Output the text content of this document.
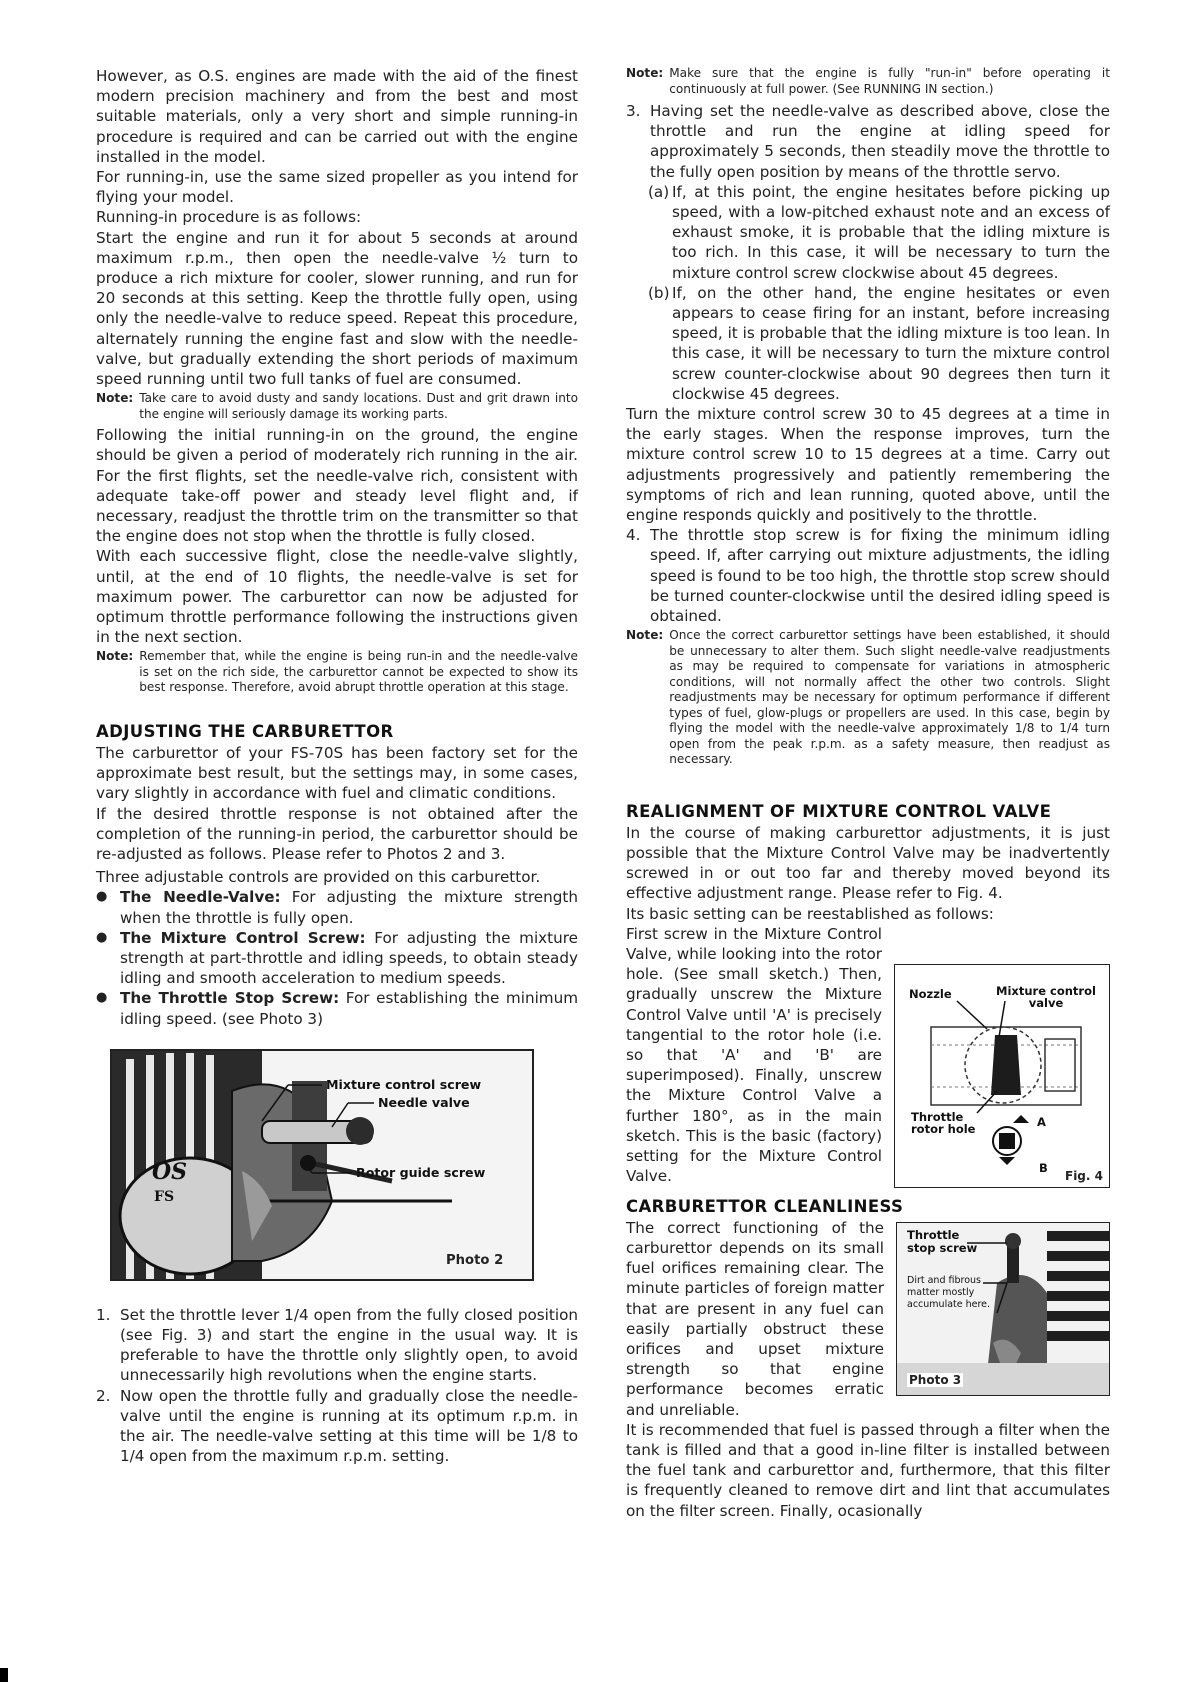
However, as O.S. engines are made with the aid of the finest modern precision machinery and from the best and most suitable materials, only a very short and simple running-in procedure is required and can be carried out with the engine installed in the model.

For running-in, use the same sized propeller as you intend for flying your model.

Running-in procedure is as follows:

Start the engine and run it for about 5 seconds at around maximum r.p.m., then open the needle-valve ½ turn to produce a rich mixture for cooler, slower running, and run for 20 seconds at this setting. Keep the throttle fully open, using only the needle-valve to reduce speed. Repeat this procedure, alternately running the engine fast and slow with the needle-valve, but gradually extending the short periods of maximum speed running until two full tanks of fuel are consumed.

Note: Take care to avoid dusty and sandy locations. Dust and grit drawn into the engine will seriously damage its working parts.

Following the initial running-in on the ground, the engine should be given a period of moderately rich running in the air. For the first flights, set the needle-valve rich, consistent with adequate take-off power and steady level flight and, if necessary, readjust the throttle trim on the transmitter so that the engine does not stop when the throttle is fully closed.

With each successive flight, close the needle-valve slightly, until, at the end of 10 flights, the needle-valve is set for maximum power. The carburettor can now be adjusted for optimum throttle performance following the instructions given in the next section.

Note: Remember that, while the engine is being run-in and the needle-valve is set on the rich side, the carburettor cannot be expected to show its best response. Therefore, avoid abrupt throttle operation at this stage.
ADJUSTING THE CARBURETTOR

The carburettor of your FS-70S has been factory set for the approximate best result, but the settings may, in some cases, vary slightly in accordance with fuel and climatic conditions.

If the desired throttle response is not obtained after the completion of the running-in period, the carburettor should be re-adjusted as follows. Please refer to Photos 2 and 3.

Three adjustable controls are provided on this carburettor.

● The Needle-Valve: For adjusting the mixture strength when the throttle is fully open.
● The Mixture Control Screw: For adjusting the mixture strength at part-throttle and idling speeds, to obtain steady idling and smooth acceleration to medium speeds.
● The Throttle Stop Screw: For establishing the minimum idling speed. (see Photo 3)
OS
FS
Mixture control screw
Needle valve
Rotor guide screw
Photo 2
1. Set the throttle lever 1/4 open from the fully closed position (see Fig. 3) and start the engine in the usual way. It is preferable to have the throttle only slightly open, to avoid unnecessarily high revolutions when the engine starts.
2. Now open the throttle fully and gradually close the needle-valve until the engine is running at its optimum r.p.m. in the air. The needle-valve setting at this time will be 1/8 to 1/4 open from the maximum r.p.m. setting.
Note: Make sure that the engine is fully "run-in" before operating it continuously at full power. (See RUNNING IN section.)
3. Having set the needle-valve as described above, close the throttle and run the engine at idling speed for approximately 5 seconds, then steadily move the throttle to the fully open position by means of the throttle servo.
(a) If, at this point, the engine hesitates before picking up speed, with a low-pitched exhaust note and an excess of exhaust smoke, it is probable that the idling mixture is too rich. In this case, it will be necessary to turn the mixture control screw clockwise about 45 degrees.
(b) If, on the other hand, the engine hesitates or even appears to cease firing for an instant, before increasing speed, it is probable that the idling mixture is too lean. In this case, it will be necessary to turn the mixture control screw counter-clockwise about 90 degrees then turn it clockwise 45 degrees.

Turn the mixture control screw 30 to 45 degrees at a time in the early stages. When the response improves, turn the mixture control screw 10 to 15 degrees at a time. Carry out adjustments progressively and patiently remembering the symptoms of rich and lean running, quoted above, until the engine responds quickly and positively to the throttle.

4. The throttle stop screw is for fixing the minimum idling speed. If, after carrying out mixture adjustments, the idling speed is found to be too high, the throttle stop screw should be turned counter-clockwise until the desired idling speed is obtained.
Note: Once the correct carburettor settings have been established, it should be unnecessary to alter them. Such slight needle-valve readjustments as may be required to compensate for variations in atmospheric conditions, will not normally affect the other two controls. Slight readjustments may be necessary for optimum performance if different types of fuel, glow-plugs or propellers are used. In this case, begin by flying the model with the needle-valve approximately 1/8 to 1/4 turn open from the peak r.p.m. as a safety measure, then readjust as necessary.
REALIGNMENT OF MIXTURE CONTROL VALVE

In the course of making carburettor adjustments, it is just possible that the Mixture Control Valve may be inadvertently screwed in or out too far and thereby moved beyond its effective adjustment range. Please refer to Fig. 4.

Its basic setting can be reestablished as follows:

Nozzle	Mixture control valve
Throttle rotor hole	A
B
Fig. 4

First screw in the Mixture Control Valve, while looking into the rotor hole. (See small sketch.) Then, gradually unscrew the Mixture Control Valve until 'A' is precisely tangential to the rotor hole (i.e. so that 'A' and 'B' are superimposed). Finally, unscrew the Mixture Control Valve a further 180°, as in the main sketch. This is the basic (factory) setting for the Mixture Control Valve.

CARBURETTOR CLEANLINESS
Throttle stop screw
Dirt and fibrous matter mostly accumulate here.
Photo 3

The correct functioning of the carburettor depends on its small fuel orifices remaining clear. The minute particles of foreign matter that are present in any fuel can easily partially obstruct these orifices and upset mixture strength so that engine performance becomes erratic and unreliable.

It is recommended that fuel is passed through a filter when the tank is filled and that a good in-line filter is installed between the fuel tank and carburettor and, furthermore, that this filter is frequently cleaned to remove dirt and lint that accumulates on the filter screen. Finally, ocasionally
